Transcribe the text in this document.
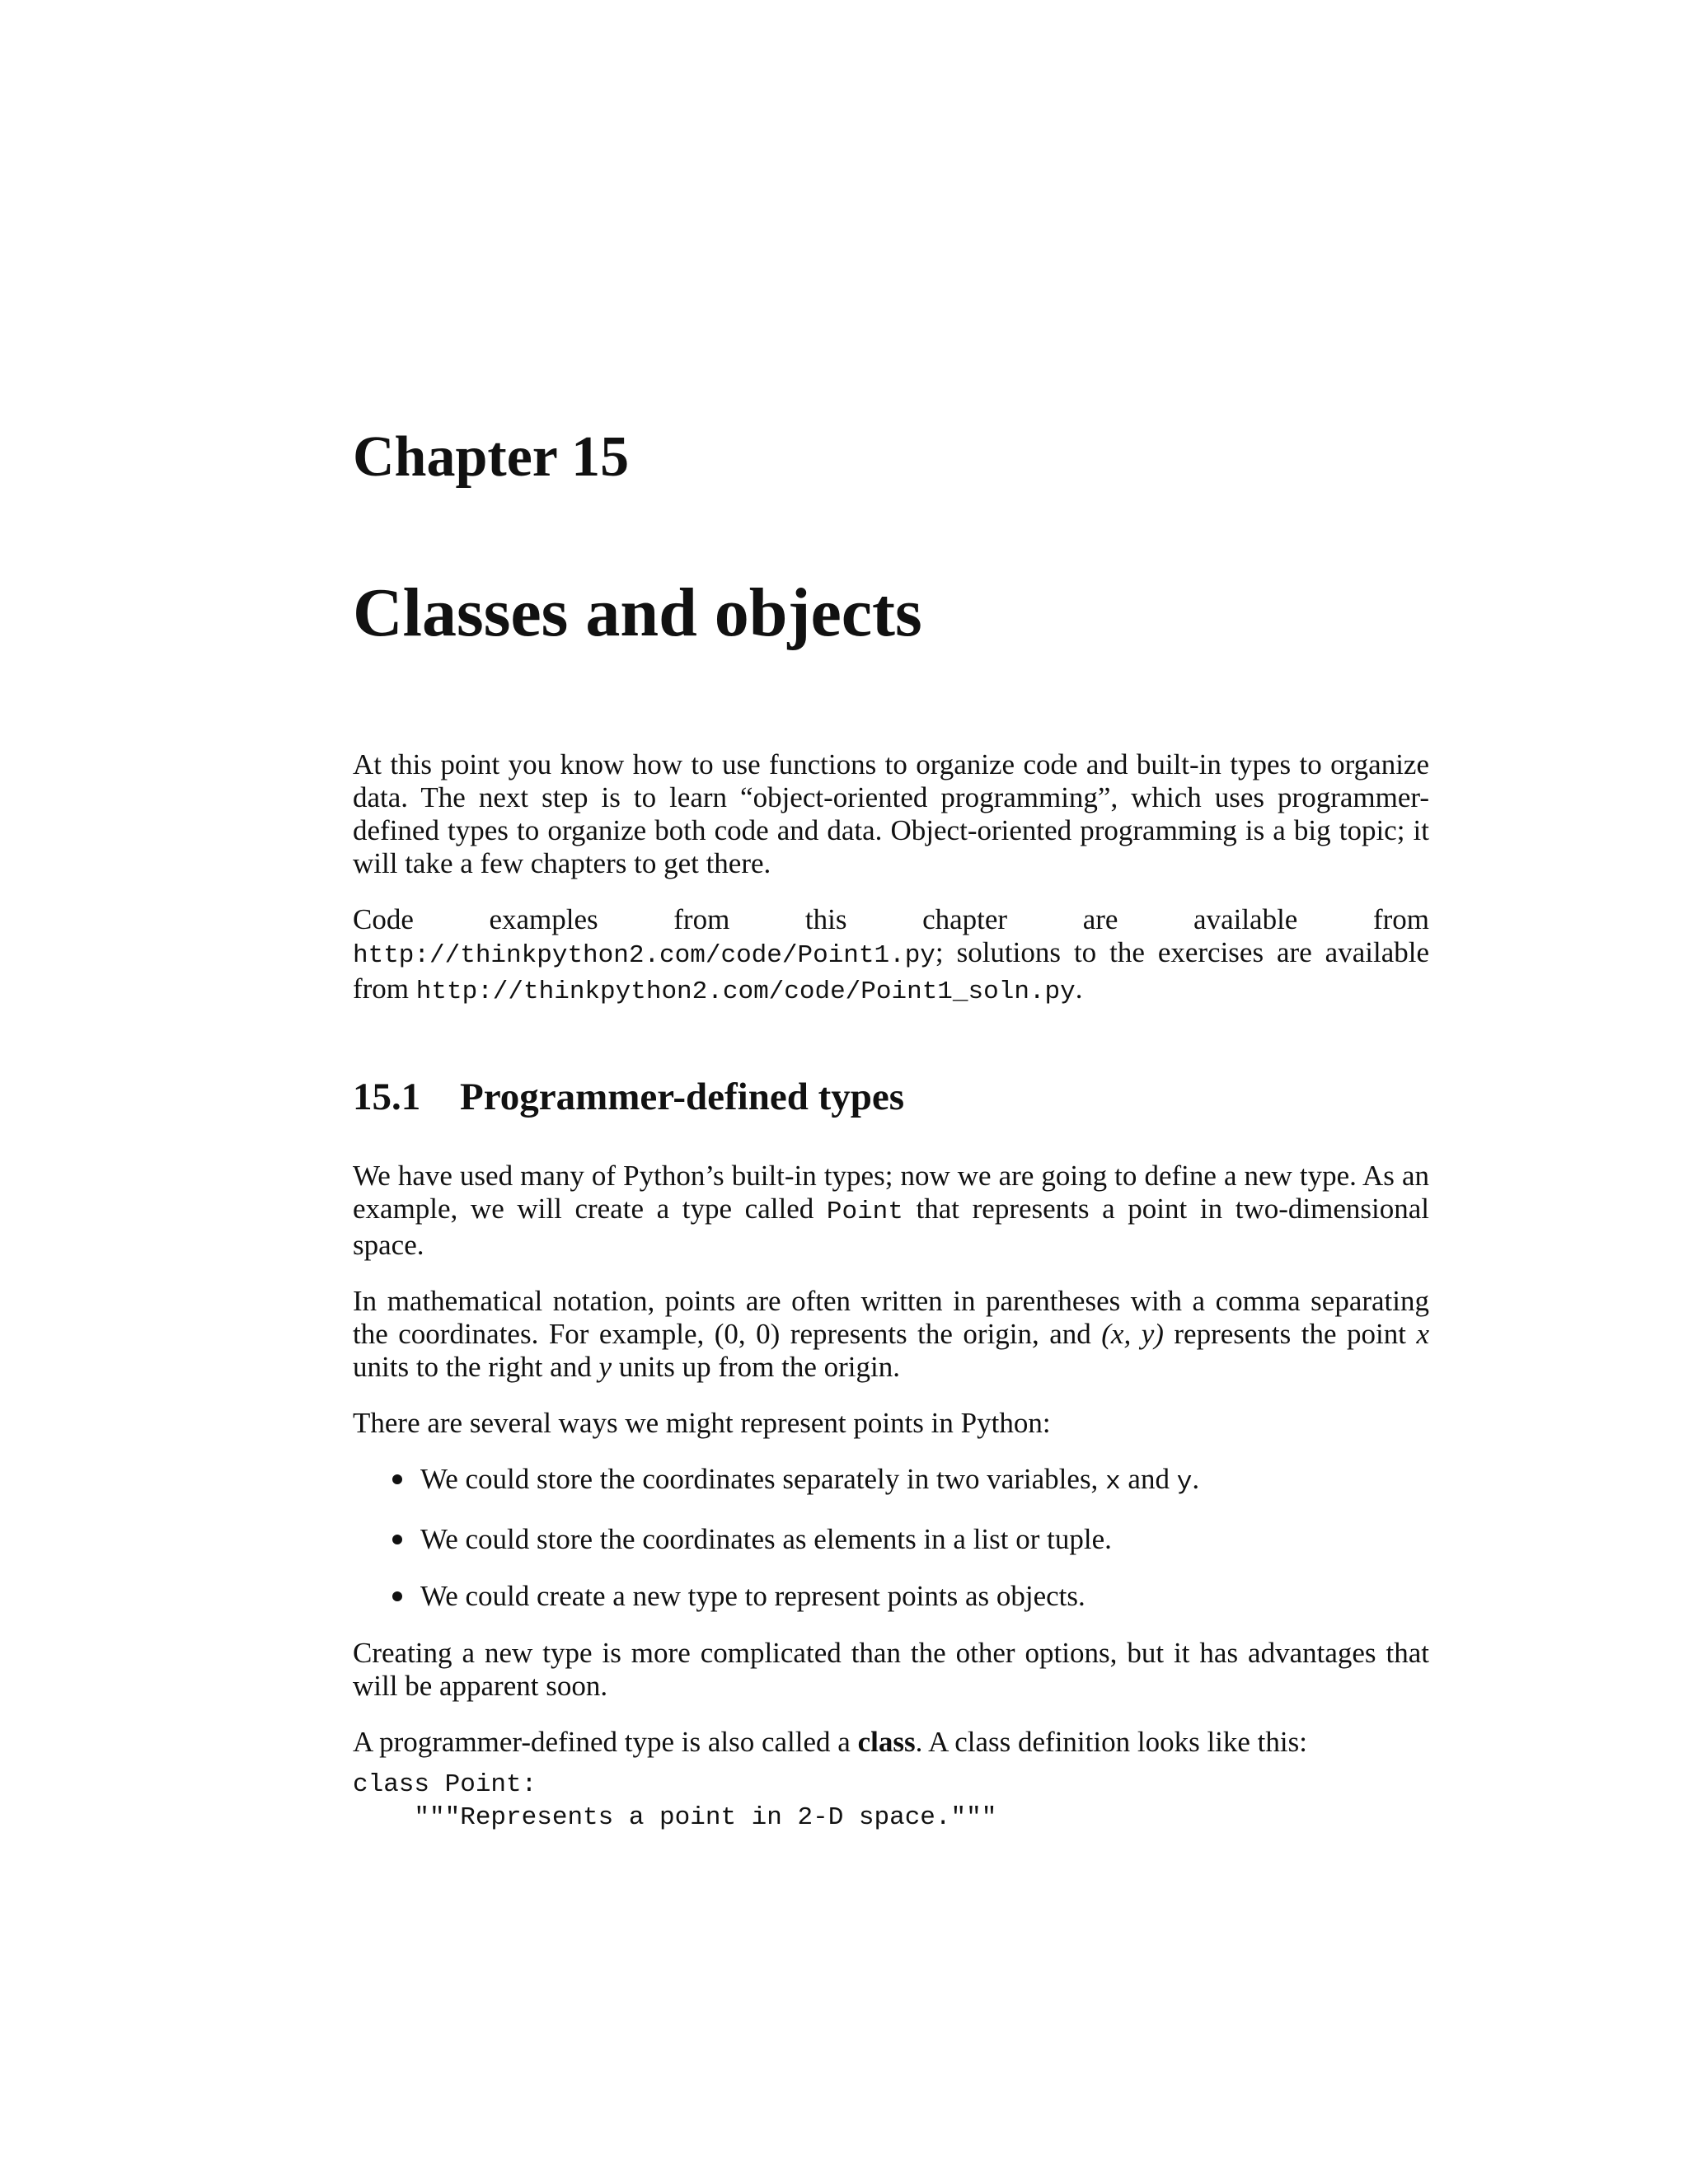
Chapter 15
Classes and objects

At this point you know how to use functions to organize code and built-in types to organize data. The next step is to learn “object-oriented programming”, which uses programmer-defined types to organize both code and data. Object-oriented programming is a big topic; it will take a few chapters to get there.

Code examples from this chapter are available from http://thinkpython2.com/code/Point1.py; solutions to the exercises are available from http://thinkpython2.com/code/Point1_soln.py.

15.1	Programmer-defined types

We have used many of Python’s built-in types; now we are going to define a new type. As an example, we will create a type called Point that represents a point in two-dimensional space.

In mathematical notation, points are often written in parentheses with a comma separating the coordinates. For example, (0, 0) represents the origin, and (x, y) represents the point x units to the right and y units up from the origin.

There are several ways we might represent points in Python:

We could store the coordinates separately in two variables, x and y.
We could store the coordinates as elements in a list or tuple.
We could create a new type to represent points as objects.

Creating a new type is more complicated than the other options, but it has advantages that will be apparent soon.

A programmer-defined type is also called a class. A class definition looks like this:

class Point:
"""Represents a point in 2-D space."""
